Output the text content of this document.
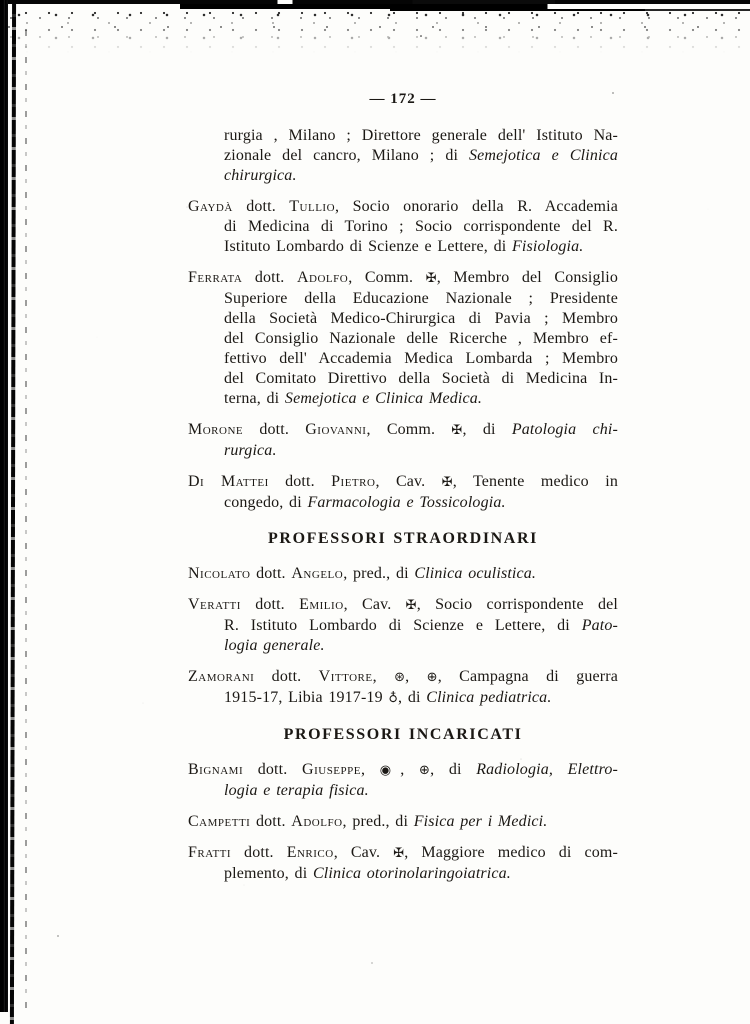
— 172 —
rurgia , Milano ; Direttore generale dell' Istituto Na-
zionale del cancro, Milano ; di Semejotica e Clinica
chirurgica.
Gaydà dott. Tullio, Socio onorario della R. Accademia
di Medicina di Torino ; Socio corrispondente del R.
Istituto Lombardo di Scienze e Lettere, di Fisiologia.
Ferrata dott. Adolfo, Comm. ✠, Membro del Consiglio
Superiore della Educazione Nazionale ; Presidente
della Società Medico-Chirurgica di Pavia ; Membro
del Consiglio Nazionale delle Ricerche , Membro ef-
fettivo dell' Accademia Medica Lombarda ; Membro
del Comitato Direttivo della Società di Medicina In-
terna, di Semejotica e Clinica Medica.
Morone dott. Giovanni, Comm. ✠, di Patologia chi-
rurgica.
Di Mattei dott. Pietro, Cav. ✠, Tenente medico in
congedo, di Farmacologia e Tossicologia.
PROFESSORI STRAORDINARI
Nicolato dott. Angelo, pred., di Clinica oculistica.
Veratti dott. Emilio, Cav. ✠, Socio corrispondente del
R. Istituto Lombardo di Scienze e Lettere, di Pato-
logia generale.
Zamorani dott. Vittore, ⊛, ⊕, Campagna di guerra
1915-17, Libia 1917-19 ♁, di Clinica pediatrica.
PROFESSORI INCARICATI
Bignami dott. Giuseppe, ◉, ⊕, di Radiologia, Elettro-
logia e terapia fisica.
Campetti dott. Adolfo, pred., di Fisica per i Medici.
Fratti dott. Enrico, Cav. ✠, Maggiore medico di com-
plemento, di Clinica otorinolaringoiatrica.
